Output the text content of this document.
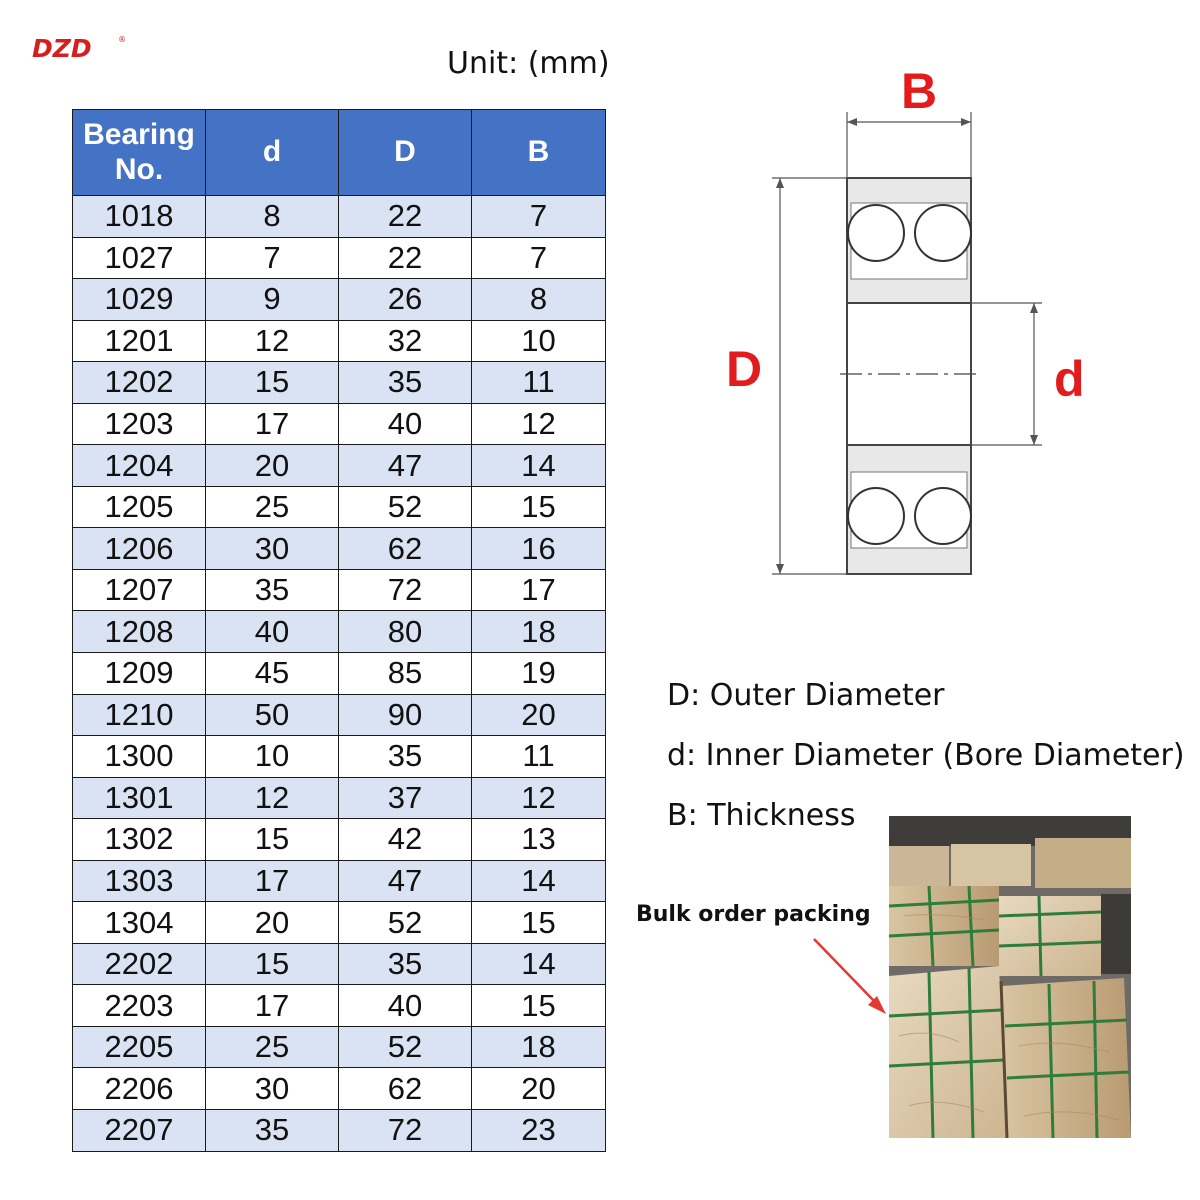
DZD	®
Unit: (mm)
Bearing
No.	d	D	B
1018	8	22	7
1027	7	22	7
1029	9	26	8
1201	12	32	10
1202	15	35	11
1203	17	40	12
1204	20	47	14
1205	25	52	15
1206	30	62	16
1207	35	72	17
1208	40	80	18
1209	45	85	19
1210	50	90	20
1300	10	35	11
1301	12	37	12
1302	15	42	13
1303	17	47	14
1304	20	52	15
2202	15	35	14
2203	17	40	15
2205	25	52	18
2206	30	62	20
2207	35	72	23
B
D	d
D: Outer Diameter
d: Inner Diameter (Bore Diameter)
B: Thickness
Bulk order packing
